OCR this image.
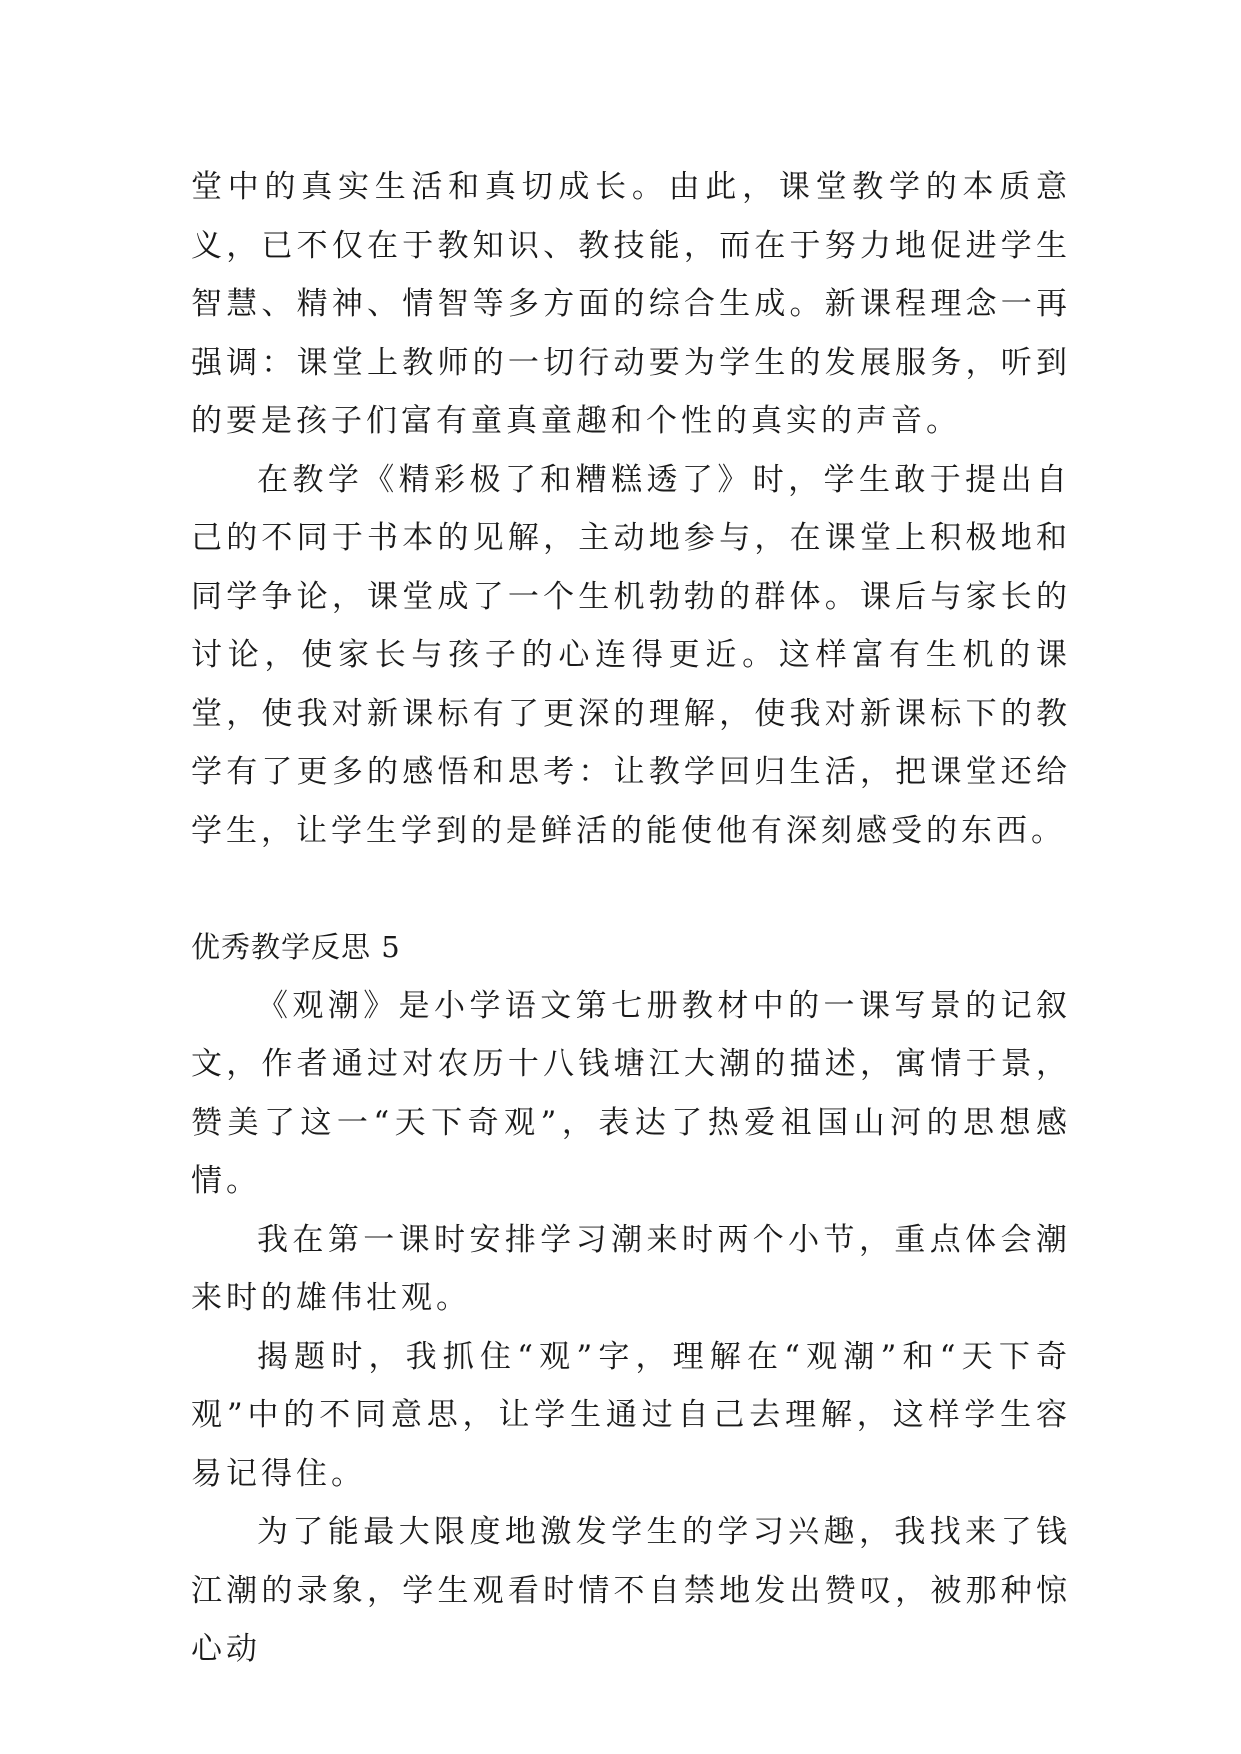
堂中的真实生活和真切成长。由此，课堂教学的本质意义，已不仅在于教知识、教技能，而在于努力地促进学生智慧、精神、情智等多方面的综合生成。新课程理念一再强调：课堂上教师的一切行动要为学生的发展服务，听到的要是孩子们富有童真童趣和个性的真实的声音。

在教学《精彩极了和糟糕透了》时，学生敢于提出自己的不同于书本的见解，主动地参与，在课堂上积极地和同学争论，课堂成了一个生机勃勃的群体。课后与家长的讨论，使家长与孩子的心连得更近。这样富有生机的课堂，使我对新课标有了更深的理解，使我对新课标下的教学有了更多的感悟和思考：让教学回归生活，把课堂还给学生，让学生学到的是鲜活的能使他有深刻感受的东西。

优秀教学反思 5

《观潮》是小学语文第七册教材中的一课写景的记叙文，作者通过对农历十八钱塘江大潮的描述，寓情于景，赞美了这一“天下奇观”，表达了热爱祖国山河的思想感情。

我在第一课时安排学习潮来时两个小节，重点体会潮来时的雄伟壮观。

揭题时，我抓住“观”字，理解在“观潮”和“天下奇观”中的不同意思，让学生通过自己去理解，这样学生容易记得住。

为了能最大限度地激发学生的学习兴趣，我找来了钱江潮的录象，学生观看时情不自禁地发出赞叹，被那种惊心动
